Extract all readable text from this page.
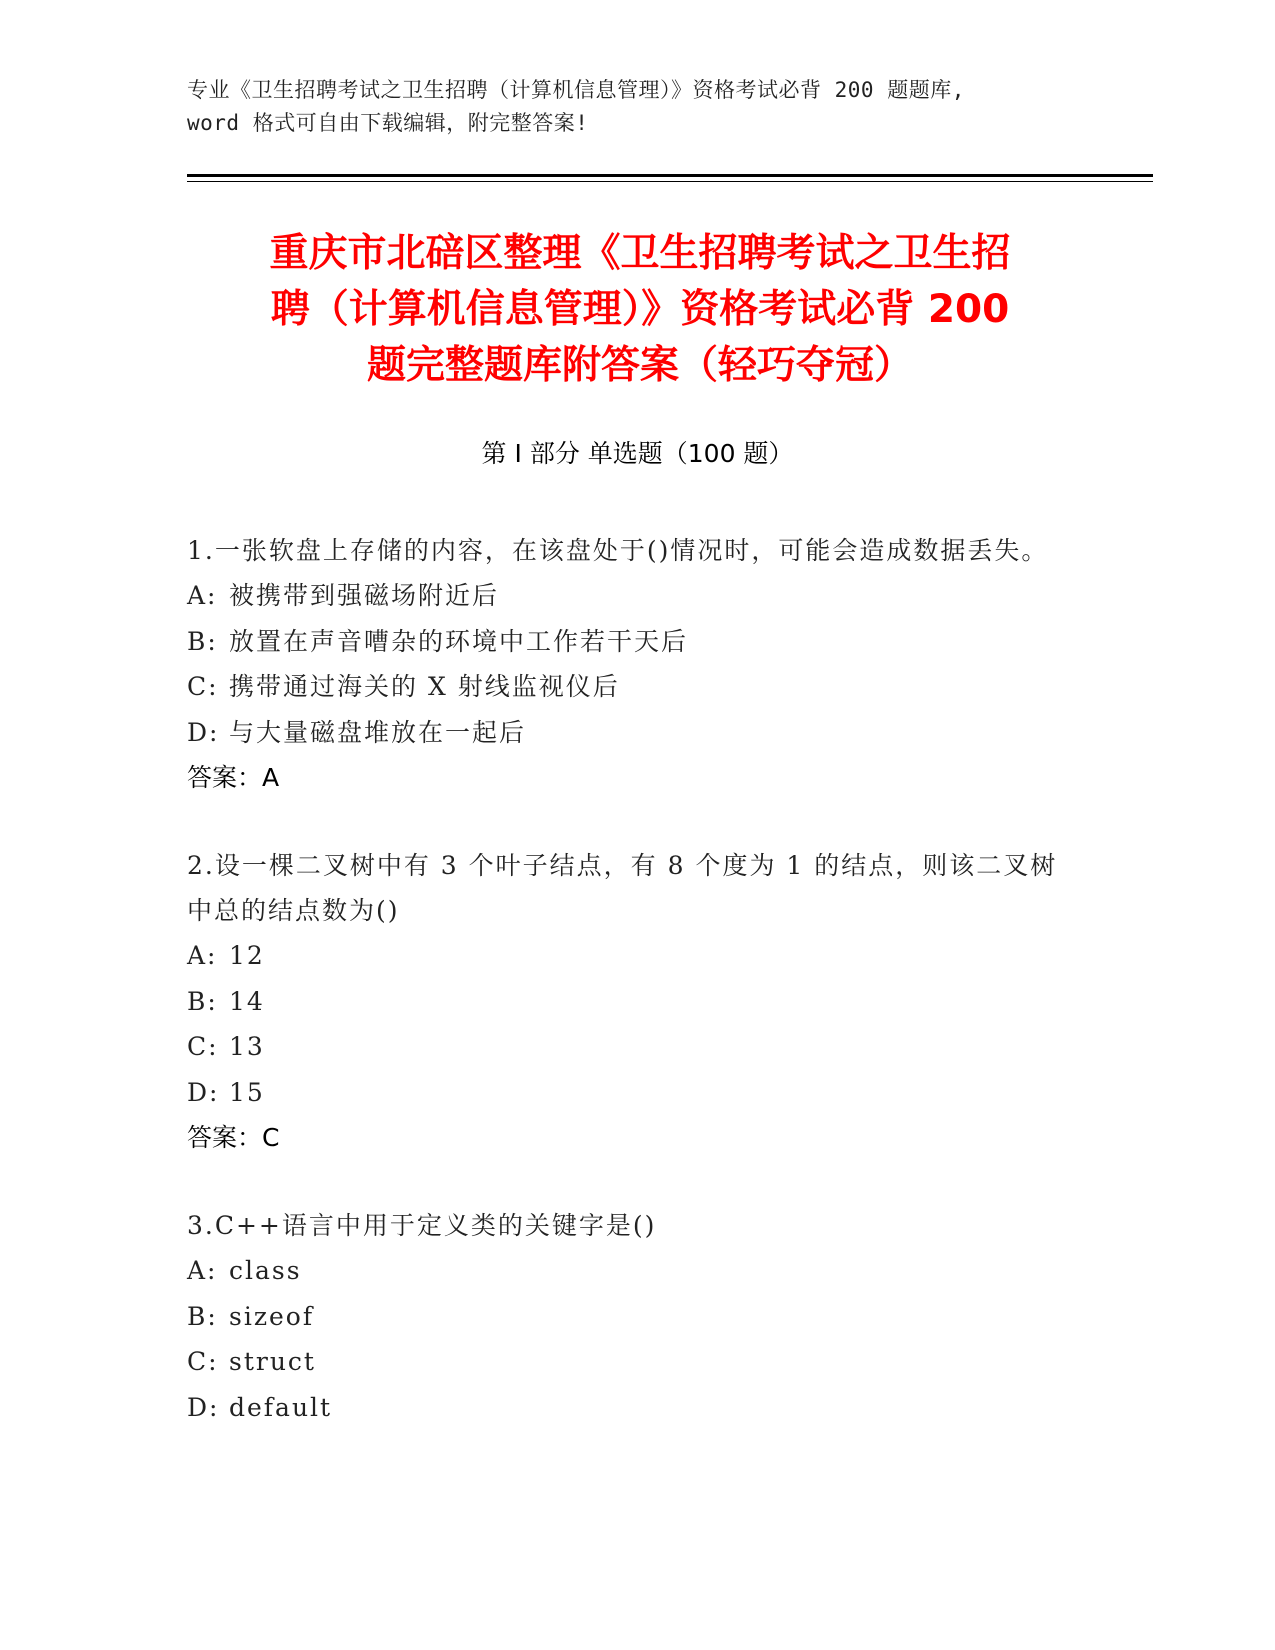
专业《卫生招聘考试之卫生招聘（计算机信息管理）》资格考试必背 200 题题库,
word 格式可自由下载编辑，附完整答案!
重庆市北碚区整理《卫生招聘考试之卫生招
聘（计算机信息管理）》资格考试必背 200
题完整题库附答案（轻巧夺冠）
第 I 部分 单选题（100 题）
1.一张软盘上存储的内容，在该盘处于()情况时，可能会造成数据丢失。
A: 被携带到强磁场附近后
B: 放置在声音嘈杂的环境中工作若干天后
C: 携带通过海关的 X 射线监视仪后
D: 与大量磁盘堆放在一起后
答案：A
2.设一棵二叉树中有 3 个叶子结点，有 8 个度为 1 的结点，则该二叉树中总的结点数为()
A: 12
B: 14
C: 13
D: 15
答案：C
3.C++语言中用于定义类的关键字是()
A: class
B: sizeof
C: struct
D: default
